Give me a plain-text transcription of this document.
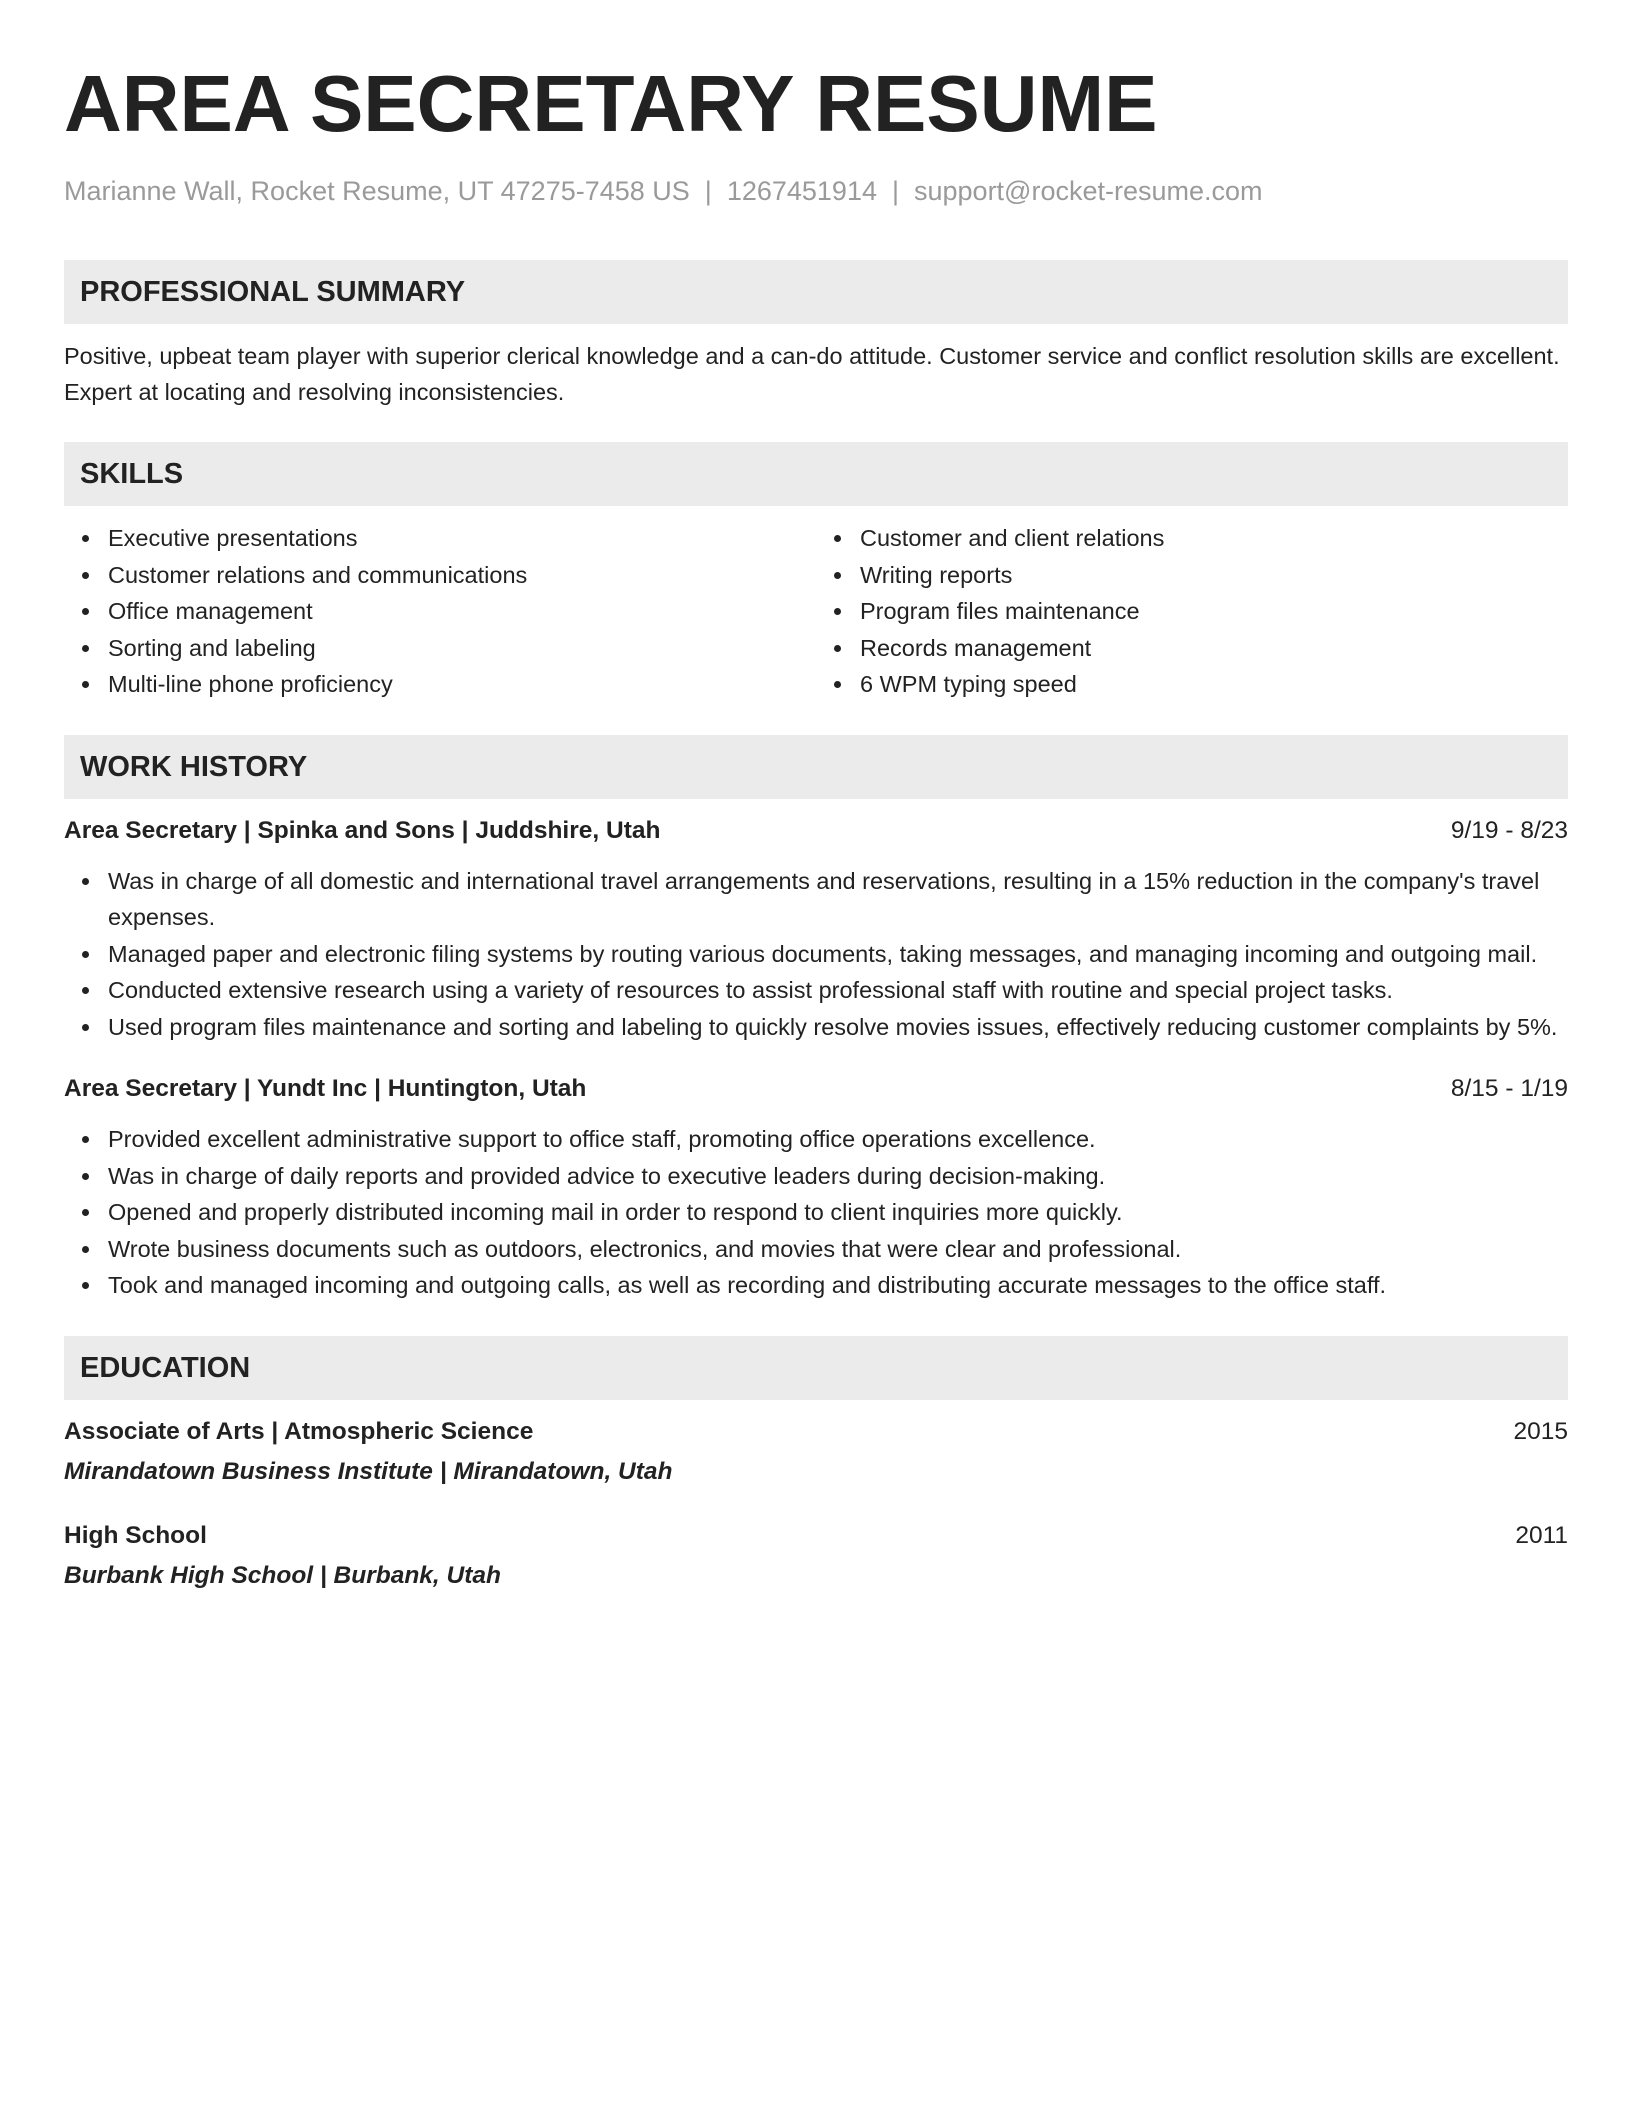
AREA SECRETARY RESUME
Marianne Wall, Rocket Resume, UT 47275-7458 US | 1267451914 | support@rocket-resume.com
PROFESSIONAL SUMMARY
Positive, upbeat team player with superior clerical knowledge and a can-do attitude. Customer service and conflict resolution skills are excellent. Expert at locating and resolving inconsistencies.
SKILLS
Executive presentations
Customer relations and communications
Office management
Sorting and labeling
Multi-line phone proficiency
Customer and client relations
Writing reports
Program files maintenance
Records management
6 WPM typing speed
WORK HISTORY
Area Secretary | Spinka and Sons | Juddshire, Utah	9/19 - 8/23
Was in charge of all domestic and international travel arrangements and reservations, resulting in a 15% reduction in the company's travel expenses.
Managed paper and electronic filing systems by routing various documents, taking messages, and managing incoming and outgoing mail.
Conducted extensive research using a variety of resources to assist professional staff with routine and special project tasks.
Used program files maintenance and sorting and labeling to quickly resolve movies issues, effectively reducing customer complaints by 5%.
Area Secretary | Yundt Inc | Huntington, Utah	8/15 - 1/19
Provided excellent administrative support to office staff, promoting office operations excellence.
Was in charge of daily reports and provided advice to executive leaders during decision-making.
Opened and properly distributed incoming mail in order to respond to client inquiries more quickly.
Wrote business documents such as outdoors, electronics, and movies that were clear and professional.
Took and managed incoming and outgoing calls, as well as recording and distributing accurate messages to the office staff.
EDUCATION
Associate of Arts | Atmospheric Science	2015
Mirandatown Business Institute | Mirandatown, Utah
High School	2011
Burbank High School | Burbank, Utah
